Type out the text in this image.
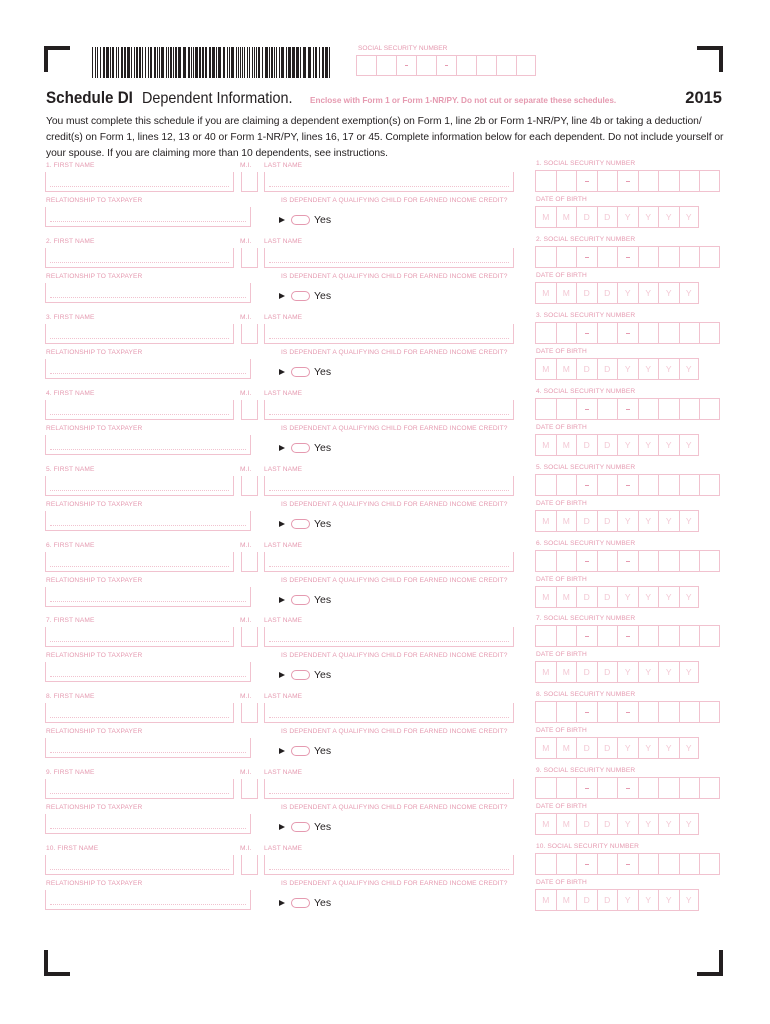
SOCIAL SECURITY NUMBER
Schedule DI Dependent Information. Enclose with Form 1 or Form 1-NR/PY. Do not cut or separate these schedules.	2015
You must complete this schedule if you are claiming a dependent exemption(s) on Form 1, line 2b or Form 1-NR/PY, line 4b or taking a deduction/ credit(s) on Form 1, lines 12, 13 or 40 or Form 1-NR/PY, lines 16, 17 or 45. Complete information below for each dependent. Do not include yourself or your spouse. If you are claiming more than 10 dependents, see instructions.
1. FIRST NAME	M.I. LAST NAME
RELATIONSHIP TO TAXPAYER	IS DEPENDENT A QUALIFYING CHILD FOR EARNED INCOME CREDIT?
Yes
1. SOCIAL SECURITY NUMBER
DATE OF BIRTH
M	M	D	D	Y	Y	Y	Y
2. FIRST NAME	M.I. LAST NAME
RELATIONSHIP TO TAXPAYER	IS DEPENDENT A QUALIFYING CHILD FOR EARNED INCOME CREDIT?
Yes
2. SOCIAL SECURITY NUMBER
DATE OF BIRTH
M	M	D	D	Y	Y	Y	Y
3. FIRST NAME	M.I. LAST NAME
RELATIONSHIP TO TAXPAYER	IS DEPENDENT A QUALIFYING CHILD FOR EARNED INCOME CREDIT?
Yes
3. SOCIAL SECURITY NUMBER
DATE OF BIRTH
M	M	D	D	Y	Y	Y	Y
4. FIRST NAME	M.I. LAST NAME
RELATIONSHIP TO TAXPAYER	IS DEPENDENT A QUALIFYING CHILD FOR EARNED INCOME CREDIT?
Yes
4. SOCIAL SECURITY NUMBER
DATE OF BIRTH
M	M	D	D	Y	Y	Y	Y
5. FIRST NAME	M.I. LAST NAME
RELATIONSHIP TO TAXPAYER	IS DEPENDENT A QUALIFYING CHILD FOR EARNED INCOME CREDIT?
Yes
5. SOCIAL SECURITY NUMBER
DATE OF BIRTH
M	M	D	D	Y	Y	Y	Y
6. FIRST NAME	M.I. LAST NAME
RELATIONSHIP TO TAXPAYER	IS DEPENDENT A QUALIFYING CHILD FOR EARNED INCOME CREDIT?
Yes
6. SOCIAL SECURITY NUMBER
DATE OF BIRTH
M	M	D	D	Y	Y	Y	Y
7. FIRST NAME	M.I. LAST NAME
RELATIONSHIP TO TAXPAYER	IS DEPENDENT A QUALIFYING CHILD FOR EARNED INCOME CREDIT?
Yes
7. SOCIAL SECURITY NUMBER
DATE OF BIRTH
M	M	D	D	Y	Y	Y	Y
8. FIRST NAME	M.I. LAST NAME
RELATIONSHIP TO TAXPAYER	IS DEPENDENT A QUALIFYING CHILD FOR EARNED INCOME CREDIT?
Yes
8. SOCIAL SECURITY NUMBER
DATE OF BIRTH
M	M	D	D	Y	Y	Y	Y
9. FIRST NAME	M.I. LAST NAME
RELATIONSHIP TO TAXPAYER	IS DEPENDENT A QUALIFYING CHILD FOR EARNED INCOME CREDIT?
Yes
9. SOCIAL SECURITY NUMBER
DATE OF BIRTH
M	M	D	D	Y	Y	Y	Y
10. FIRST NAME	M.I. LAST NAME
RELATIONSHIP TO TAXPAYER	IS DEPENDENT A QUALIFYING CHILD FOR EARNED INCOME CREDIT?
Yes
10. SOCIAL SECURITY NUMBER
DATE OF BIRTH
M	M	D	D	Y	Y	Y	Y
